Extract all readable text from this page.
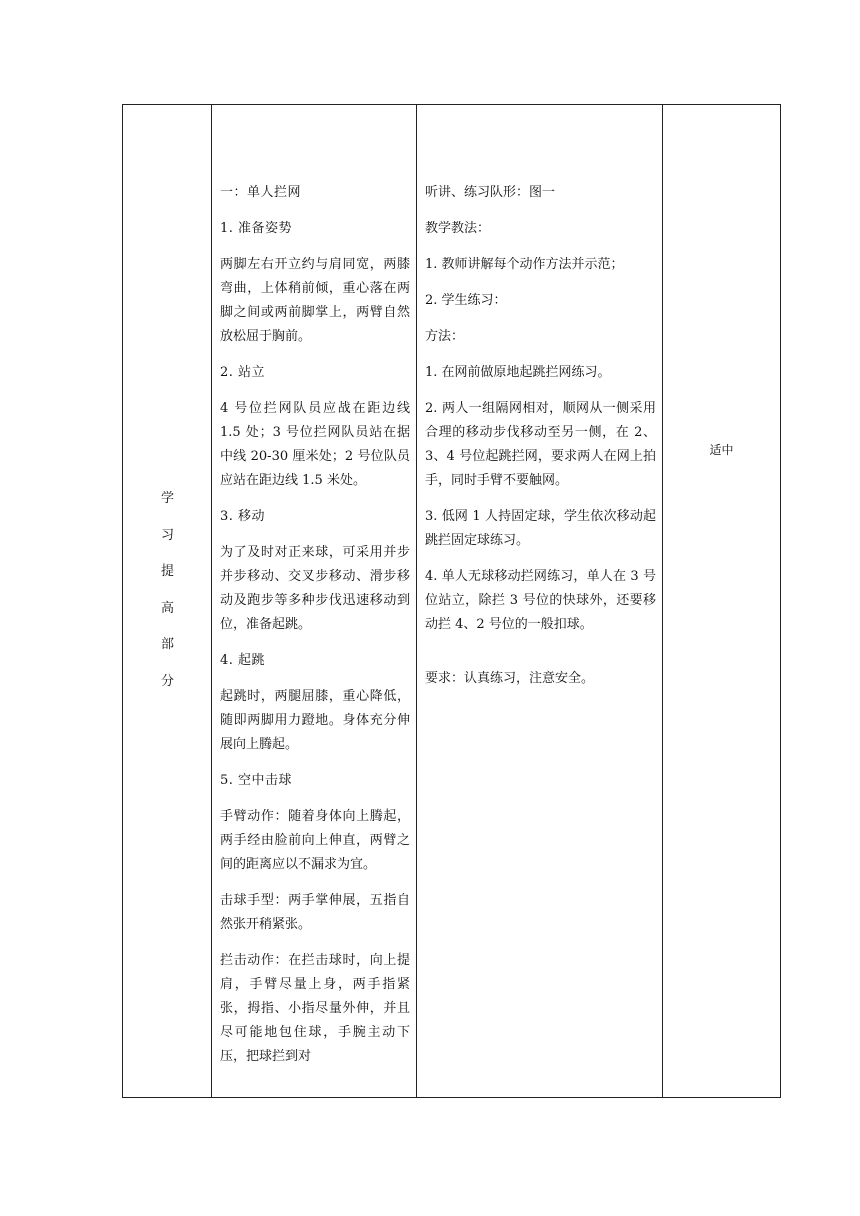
学
习
提
高
部
分

一：单人拦网

1. 准备姿势

两脚左右开立约与肩同宽，两膝弯曲，上体稍前倾，重心落在两脚之间或两前脚掌上，两臂自然放松屈于胸前。

2. 站立

4 号位拦网队员应战在距边线 1.5 处；3 号位拦网队员站在据中线 20-30 厘米处；2 号位队员应站在距边线 1.5 米处。

3. 移动

为了及时对正来球，可采用并步并步移动、交叉步移动、滑步移动及跑步等多种步伐迅速移动到位，准备起跳。

4. 起跳

起跳时，两腿屈膝，重心降低，随即两脚用力蹬地。身体充分伸展向上腾起。

5. 空中击球

手臂动作：随着身体向上腾起，两手经由脸前向上伸直，两臂之间的距离应以不漏求为宜。

击球手型：两手掌伸展，五指自然张开稍紧张。

拦击动作：在拦击球时，向上提肩，手臂尽量上身，两手指紧张，拇指、小指尽量外伸，并且尽可能地包住球，手腕主动下压，把球拦到对

听讲、练习队形：图一

教学教法：

1. 教师讲解每个动作方法并示范；

2. 学生练习：

方法：

1. 在网前做原地起跳拦网练习。

2. 两人一组隔网相对，顺网从一侧采用合理的移动步伐移动至另一侧，在 2、3、4 号位起跳拦网，要求两人在网上拍手，同时手臂不要触网。

3. 低网 1 人持固定球，学生依次移动起跳拦固定球练习。

4. 单人无球移动拦网练习，单人在 3 号位站立，除拦 3 号位的快球外，还要移动拦 4、2 号位的一般扣球。

要求：认真练习，注意安全。

适中
